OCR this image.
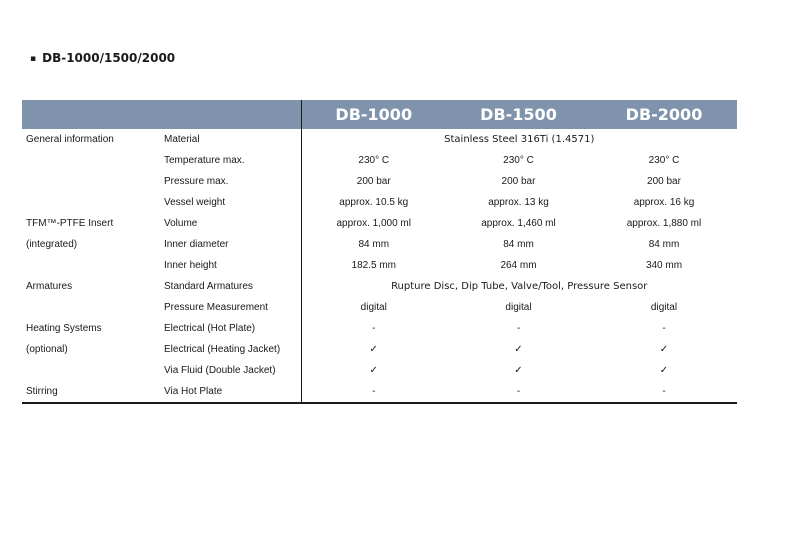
▪ DB-1000/1500/2000
		DB-1000	DB-1500	DB-2000
General information	Material	Stainless Steel 316Ti (1.4571)		
	Temperature max.	230° C	230° C	230° C
	Pressure max.	200 bar	200 bar	200 bar
	Vessel weight	approx. 10.5 kg	approx. 13 kg	approx. 16 kg
TFM™-PTFE Insert	Volume	approx. 1,000 ml	approx. 1,460 ml	approx. 1,880 ml
(integrated)	Inner diameter	84 mm	84 mm	84 mm
	Inner height	182.5 mm	264 mm	340 mm
Armatures	Standard Armatures	Rupture Disc, Dip Tube, Valve/Tool, Pressure Sensor		
	Pressure Measurement	digital	digital	digital
Heating Systems	Electrical (Hot Plate)	-	-	-
(optional)	Electrical (Heating Jacket)	✓	✓	✓
	Via Fluid (Double Jacket)	✓	✓	✓
Stirring	Via Hot Plate	-	-	-
